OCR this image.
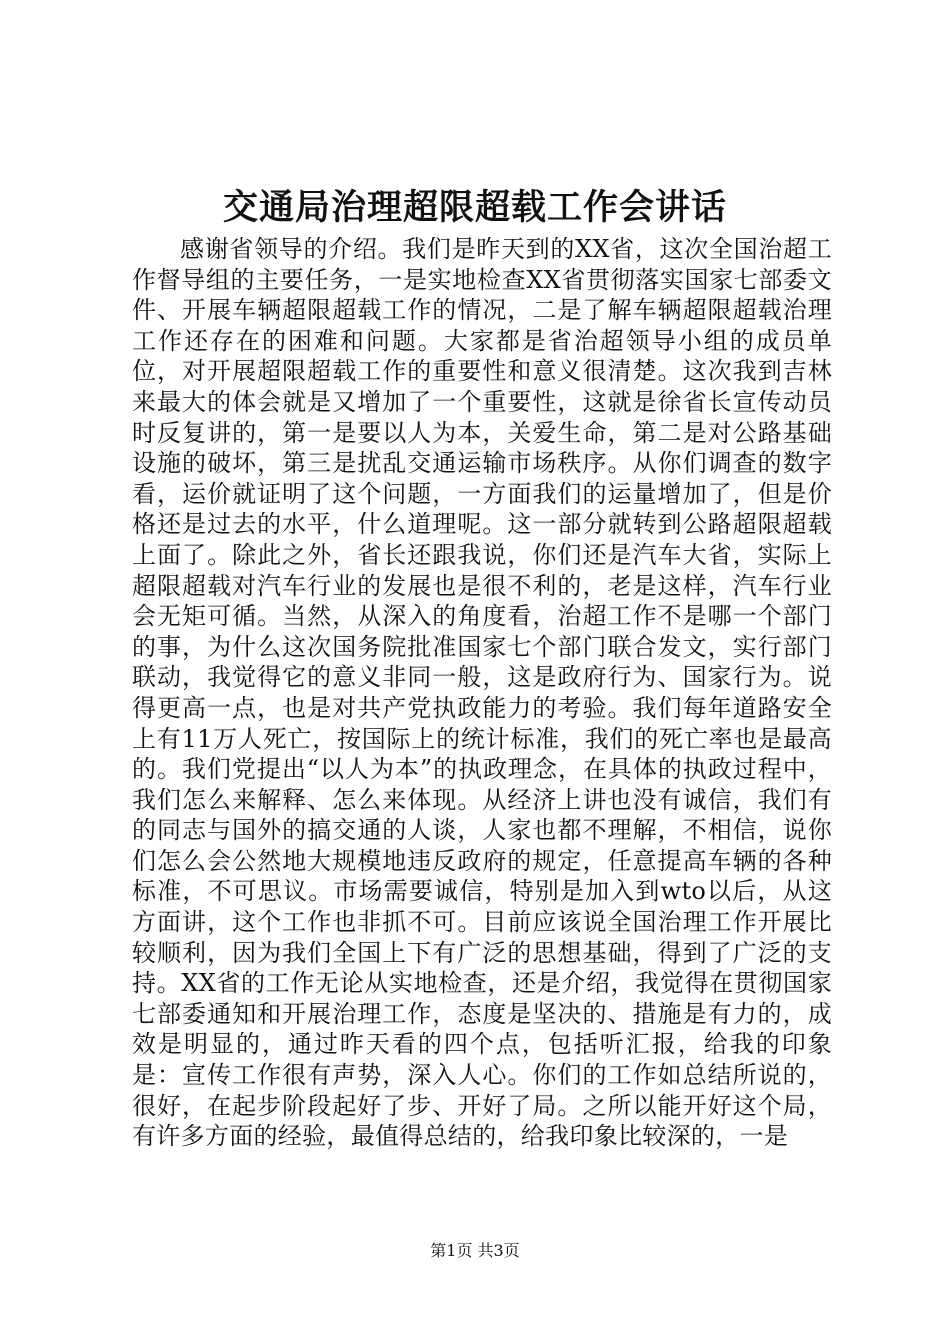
交通局治理超限超载工作会讲话

感谢省领导的介绍。我们是昨天到的XX省，这次全国治超工作督导组的主要任务，一是实地检查XX省贯彻落实国家七部委文件、开展车辆超限超载工作的情况，二是了解车辆超限超载治理工作还存在的困难和问题。大家都是省治超领导小组的成员单位，对开展超限超载工作的重要性和意义很清楚。这次我到吉林来最大的体会就是又增加了一个重要性，这就是徐省长宣传动员时反复讲的，第一是要以人为本，关爱生命，第二是对公路基础设施的破坏，第三是扰乱交通运输市场秩序。从你们调查的数字看，运价就证明了这个问题，一方面我们的运量增加了，但是价格还是过去的水平，什么道理呢。这一部分就转到公路超限超载上面了。除此之外，省长还跟我说，你们还是汽车大省，实际上超限超载对汽车行业的发展也是很不利的，老是这样，汽车行业会无矩可循。当然，从深入的角度看，治超工作不是哪一个部门的事，为什么这次国务院批准国家七个部门联合发文，实行部门联动，我觉得它的意义非同一般，这是政府行为、国家行为。说得更高一点，也是对共产党执政能力的考验。我们每年道路安全上有11万人死亡，按国际上的统计标准，我们的死亡率也是最高的。我们党提出“以人为本”的执政理念，在具体的执政过程中，我们怎么来解释、怎么来体现。从经济上讲也没有诚信，我们有的同志与国外的搞交通的人谈，人家也都不理解，不相信，说你们怎么会公然地大规模地违反政府的规定，任意提高车辆的各种标准，不可思议。市场需要诚信，特别是加入到wto以后，从这方面讲，这个工作也非抓不可。目前应该说全国治理工作开展比较顺利，因为我们全国上下有广泛的思想基础，得到了广泛的支持。XX省的工作无论从实地检查，还是介绍，我觉得在贯彻国家七部委通知和开展治理工作，态度是坚决的、措施是有力的，成效是明显的，通过昨天看的四个点，包括听汇报，给我的印象是：宣传工作很有声势，深入人心。你们的工作如总结所说的，很好，在起步阶段起好了步、开好了局。之所以能开好这个局，有许多方面的经验，最值得总结的，给我印象比较深的，一是

第1页 共3页
